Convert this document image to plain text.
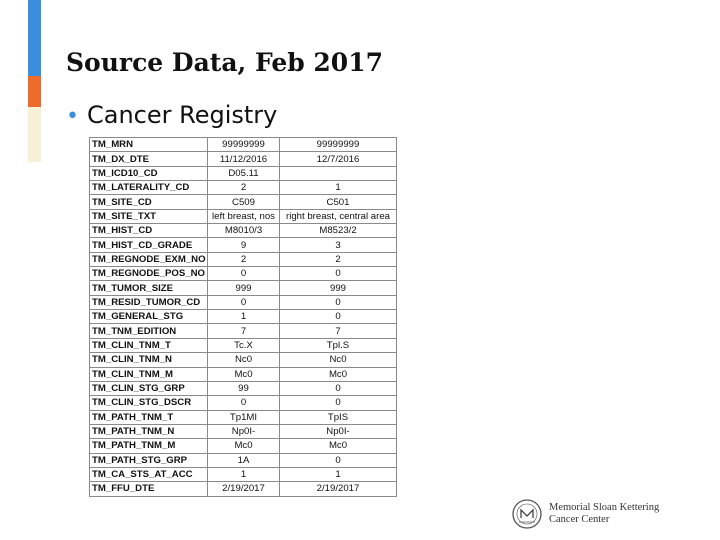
Source Data, Feb 2017
• Cancer Registry
TM_MRN	99999999	99999999
TM_DX_DTE	11/12/2016	12/7/2016
TM_ICD10_CD	D05.11	
TM_LATERALITY_CD	2	1
TM_SITE_CD	C509	C501
TM_SITE_TXT	left breast, nos	right breast, central area
TM_HIST_CD	M8010/3	M8523/2
TM_HIST_CD_GRADE	9	3
TM_REGNODE_EXM_NO	2	2
TM_REGNODE_POS_NO	0	0
TM_TUMOR_SIZE	999	999
TM_RESID_TUMOR_CD	0	0
TM_GENERAL_STG	1	0
TM_TNM_EDITION	7	7
TM_CLIN_TNM_T	Tc.X	Tpl.S
TM_CLIN_TNM_N	Nc0	Nc0
TM_CLIN_TNM_M	Mc0	Mc0
TM_CLIN_STG_GRP	99	0
TM_CLIN_STG_DSCR	0	0
TM_PATH_TNM_T	Tp1MI	TpIS
TM_PATH_TNM_N	Np0I-	Np0I-
TM_PATH_TNM_M	Mc0	Mc0
TM_PATH_STG_GRP	1A	0
TM_CA_STS_AT_ACC	1	1
TM_FFU_DTE	2/19/2017	2/19/2017
Memorial Sloan Kettering
Cancer Center
